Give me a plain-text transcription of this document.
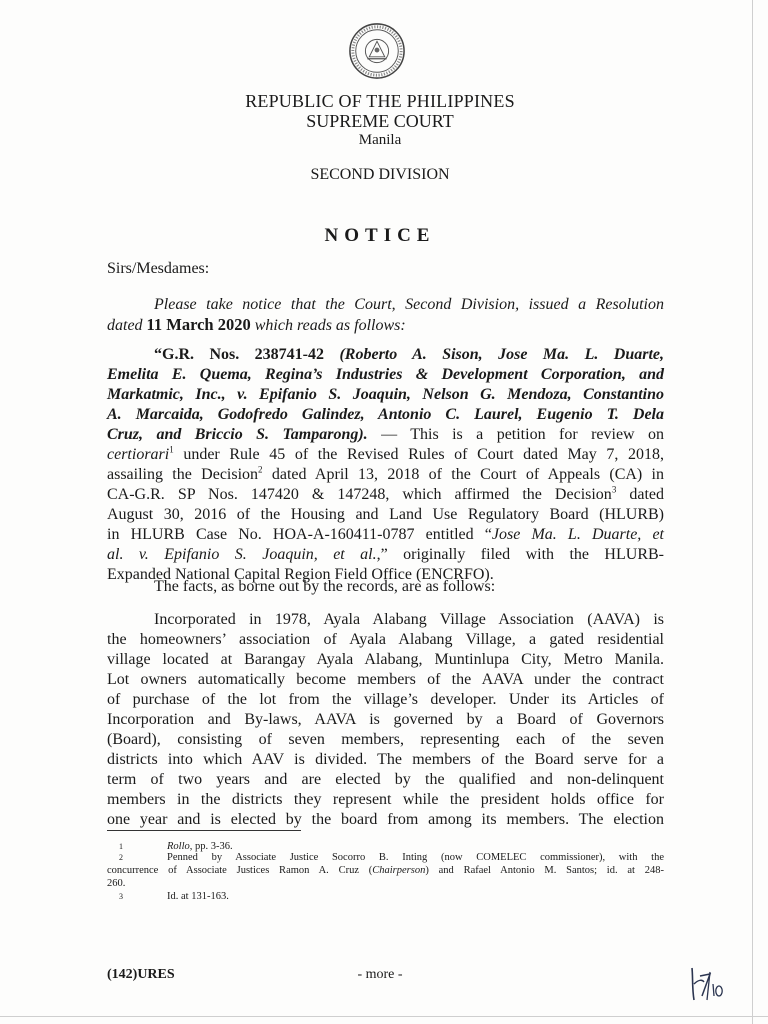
REPUBLIC OF THE PHILIPPINES
SUPREME COURT
Manila
SECOND DIVISION
NOTICE
Sirs/Mesdames:
Please take notice that the Court, Second Division, issued a Resolution
dated 11 March 2020 which reads as follows:
“G.R. Nos. 238741-42 (Roberto A. Sison, Jose Ma. L. Duarte,
Emelita E. Quema, Regina’s Industries & Development Corporation, and
Markatmic, Inc., v. Epifanio S. Joaquin, Nelson G. Mendoza, Constantino
A. Marcaida, Godofredo Galindez, Antonio C. Laurel, Eugenio T. Dela
Cruz, and Briccio S. Tamparong). — This is a petition for review on
certiorari$^1$ under Rule 45 of the Revised Rules of Court dated May 7, 2018,
assailing the Decision$^2$ dated April 13, 2018 of the Court of Appeals (CA) in
CA-G.R. SP Nos. 147420 & 147248, which affirmed the Decision$^3$ dated
August 30, 2016 of the Housing and Land Use Regulatory Board (HLURB)
in HLURB Case No. HOA-A-160411-0787 entitled “Jose Ma. L. Duarte, et
al. v. Epifanio S. Joaquin, et al.,” originally filed with the HLURB-
Expanded National Capital Region Field Office (ENCRFO).
The facts, as borne out by the records, are as follows:
Incorporated in 1978, Ayala Alabang Village Association (AAVA) is
the homeowners’ association of Ayala Alabang Village, a gated residential
village located at Barangay Ayala Alabang, Muntinlupa City, Metro Manila.
Lot owners automatically become members of the AAVA under the contract
of purchase of the lot from the village’s developer. Under its Articles of
Incorporation and By-laws, AAVA is governed by a Board of Governors
(Board), consisting of seven members, representing each of the seven
districts into which AAV is divided. The members of the Board serve for a
term of two years and are elected by the qualified and non-delinquent
members in the districts they represent while the president holds office for
one year and is elected by the board from among its members. The election
1	Rollo, pp. 3-36.
2	Penned by Associate Justice Socorro B. Inting (now COMELEC commissioner), with the
concurrence of Associate Justices Ramon A. Cruz (Chairperson) and Rafael Antonio M. Santos; id. at 248-
260.
3	Id. at 131-163.
(142)URES	- more -
